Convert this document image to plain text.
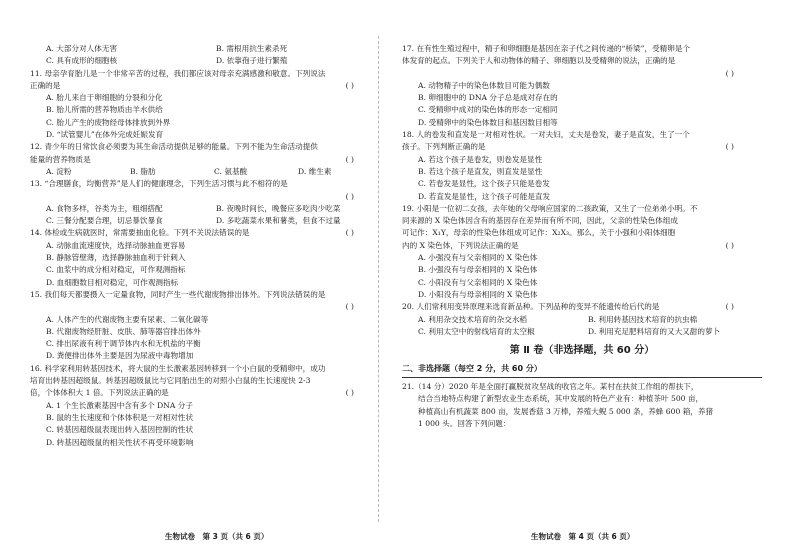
A. 大部分对人体无害	B. 需根用抗生素杀死
C. 具有成形的细胞核	D. 依靠孢子进行繁殖
11. 母亲孕育胎儿是一个非常辛苦的过程，我们都应该对母亲充满感激和敬意。下列说法
正确的是	( )
A. 胎儿来自于卵细胞的分裂和分化
B. 胎儿所需的营养物质由羊水供给
C. 胎儿产生的废物经母体排放到外界
D. “试管婴儿”在体外完成妊娠发育
12. 青少年的日常饮食必须要为其生命活动提供足够的能量。下列不能为生命活动提供
能量的营养物质是	( )
A. 淀粉	B. 脂肪	C. 氨基酸	D. 维生素
13. “合理膳食，均衡营养”是人们的健康理念，下列生活习惯与此不相符的是
( )
A. 食物多样，谷类为主，粗细搭配	B. 夜晚时间长，晚餐应多吃肉少吃菜
C. 三餐分配要合理，切忌暴饮暴食	D. 多吃蔬菜水果和薯类，但食不过量
14. 体检或生病就医时，常需要抽血化验。下列不关说法错误的是	( )
A. 动脉血流速度快，选择动脉抽血更容易
B. 静脉管壁薄，选择静脉抽血利于针刺入
C. 血浆中的成分相对稳定，可作观测指标
D. 血细胞数目相对稳定，可作观测指标
15. 我们每天都要摄入一定量食物，同时产生一些代谢废物排出体外。下列说法错误的是
( )
A. 人体产生的代谢废物主要有尿素、二氧化碳等
B. 代谢废物经肝脏、皮肤、肺等器官排出体外
C. 排出尿液有利于调节体内水和无机盐的平衡
D. 粪便排出体外主要是因为尿液中毒物增加
16. 科学家利用转基因技术，将大鼠的生长激素基因转移到一个小白鼠的受精卵中，成功
培育出转基因超级鼠。转基因超级鼠比与它同胎出生的对照小白鼠的生长速度快 2-3
倍，个体体积大 1 倍。下列说法正确的是	( )
A. 1 个生长激素基因中含有多个 DNA 分子
B. 鼠的生长速度和个体体积是一对相对性状
C. 转基因超级鼠表现出转入基因控制的性状
D. 转基因超级鼠的相关性状不再受环境影响
17. 在有性生殖过程中，精子和卵细胞是基因在亲子代之间传递的“桥梁”，受精卵是个
体发育的起点。下列关于人和动物体的精子、卵细胞以及受精卵的说法，正确的是
( )
A. 动物精子中的染色体数目可能为偶数
B. 卵细胞中的 DNA 分子总是成对存在的
C. 受精卵中成对的染色体的形态一定相同
D. 受精卵中的染色体数目和基因数目相等
18. 人的卷发和直发是一对相对性状。一对夫妇，丈夫是卷发，妻子是直发，生了一个
孩子。下列判断正确的是	( )
A. 若这个孩子是卷发，则卷发是显性
B. 若这个孩子是直发，则直发是显性
C. 若卷发是显性，这个孩子只能是卷发
D. 若直发是显性，这个孩子可能是直发
19. 小阳是一位初二女孩，去年她的父母响应国家的二孩政策，又生了一位弟弟小明。不
同来源的 X 染色体因含有的基因存在差异而有所不同，因此，父亲的性染色体组成
可记作：X₁Y，母亲的性染色体组成可记作：X₂X₃。那么，关于小强和小阳体细胞
内的 X 染色体，下列说法正确的是	( )
A. 小强没有与父亲相同的 X 染色体
B. 小强没有与母亲相同的 X 染色体
C. 小阳没有与父亲相同的 X 染色体
D. 小阳没有与母亲相同的 X 染色体
20. 人们常利用变异原理来选育新品种。下列品种的变异不能遗传给后代的是	( )
A. 利用杂交技术培育的杂交水稻	B. 利用转基因技术培育的抗虫棉
C. 利用太空中的射线培育的太空椒	D. 利用充足肥料培育的又大又甜的萝卜
第 Ⅱ 卷（非选择题，共 60 分）
二、非选择题（每空 2 分，共 60 分）
21.（14 分）2020 年是全面打赢脱贫攻坚战的收官之年。某村在扶贫工作组的帮扶下，
结合当地特点构建了新型农业生态系统，其中发展的特色产业有：种植茶叶 500 亩，
种植高山有机蔬菜 800 亩，发展香菇 3 万棒，养殖大鲵 5 000 条，养蜂 600 箱，养猪
1 000 头。回答下列问题：
生物试卷　第 3 页（共 6 页）	生物试卷　第 4 页（共 6 页）
